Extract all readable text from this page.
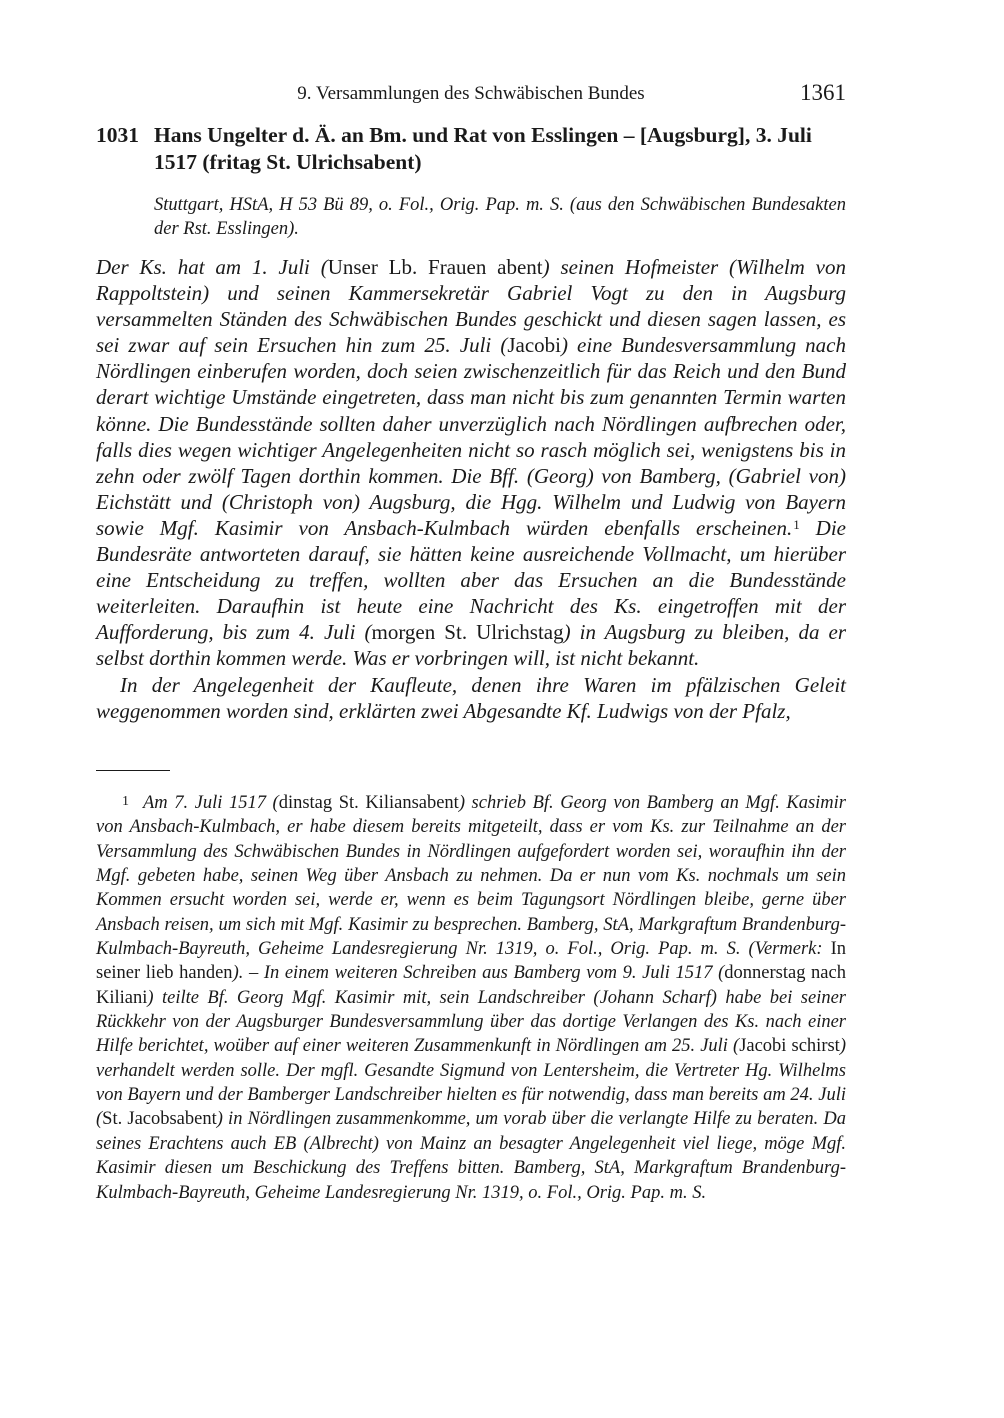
9. Versammlungen des Schwäbischen Bundes	1361
1031 Hans Ungelter d. Ä. an Bm. und Rat von Esslingen – [Augsburg], 3. Juli 1517 (fritag St. Ulrichsabent)
Stuttgart, HStA, H 53 Bü 89, o. Fol., Orig. Pap. m. S. (aus den Schwäbischen Bundesakten der Rst. Esslingen).

Der Ks. hat am 1. Juli (Unser Lb. Frauen abent) seinen Hofmeister (Wilhelm von Rappoltstein) und seinen Kammersekretär Gabriel Vogt zu den in Augsburg versammelten Ständen des Schwäbischen Bundes geschickt und diesen sagen lassen, es sei zwar auf sein Ersuchen hin zum 25. Juli (Jacobi) eine Bundesversammlung nach Nördlingen einberufen worden, doch seien zwischenzeitlich für das Reich und den Bund derart wichtige Umstände eingetreten, dass man nicht bis zum genannten Termin warten könne. Die Bundesstände sollten daher unverzüglich nach Nördlingen aufbrechen oder, falls dies wegen wichtiger Angelegenheiten nicht so rasch möglich sei, wenigstens bis in zehn oder zwölf Tagen dorthin kommen. Die Bff. (Georg) von Bamberg, (Gabriel von) Eichstätt und (Christoph von) Augsburg, die Hgg. Wilhelm und Ludwig von Bayern sowie Mgf. Kasimir von Ansbach-Kulmbach würden ebenfalls erscheinen.$^1$ Die Bundesräte antworteten darauf, sie hätten keine ausreichende Vollmacht, um hierüber eine Entscheidung zu treffen, wollten aber das Ersuchen an die Bundesstände weiterleiten. Daraufhin ist heute eine Nachricht des Ks. eingetroffen mit der Aufforderung, bis zum 4. Juli (morgen St. Ulrichstag) in Augsburg zu bleiben, da er selbst dorthin kommen werde. Was er vorbringen will, ist nicht bekannt.

In der Angelegenheit der Kaufleute, denen ihre Waren im pfälzischen Geleit weggenommen worden sind, erklärten zwei Abgesandte Kf. Ludwigs von der Pfalz,

1 Am 7. Juli 1517 (dinstag St. Kiliansabent) schrieb Bf. Georg von Bamberg an Mgf. Kasimir von Ansbach-Kulmbach, er habe diesem bereits mitgeteilt, dass er vom Ks. zur Teilnahme an der Versammlung des Schwäbischen Bundes in Nördlingen aufgefordert worden sei, woraufhin ihn der Mgf. gebeten habe, seinen Weg über Ansbach zu nehmen. Da er nun vom Ks. nochmals um sein Kommen ersucht worden sei, werde er, wenn es beim Tagungsort Nördlingen bleibe, gerne über Ansbach reisen, um sich mit Mgf. Kasimir zu besprechen. Bamberg, StA, Markgraftum Brandenburg-Kulmbach-Bayreuth, Geheime Landesregierung Nr. 1319, o. Fol., Orig. Pap. m. S. (Vermerk: In seiner lieb handen). – In einem weiteren Schreiben aus Bamberg vom 9. Juli 1517 (donnerstag nach Kiliani) teilte Bf. Georg Mgf. Kasimir mit, sein Landschreiber (Johann Scharf) habe bei seiner Rückkehr von der Augsburger Bundesversammlung über das dortige Verlangen des Ks. nach einer Hilfe berichtet, woüber auf einer weiteren Zusammenkunft in Nördlingen am 25. Juli (Jacobi schirst) verhandelt werden solle. Der mgfl. Gesandte Sigmund von Lentersheim, die Vertreter Hg. Wilhelms von Bayern und der Bamberger Landschreiber hielten es für notwendig, dass man bereits am 24. Juli (St. Jacobsabent) in Nördlingen zusammenkomme, um vorab über die verlangte Hilfe zu beraten. Da seines Erachtens auch EB (Albrecht) von Mainz an besagter Angelegenheit viel liege, möge Mgf. Kasimir diesen um Beschickung des Treffens bitten. Bamberg, StA, Markgraftum Brandenburg-Kulmbach-Bayreuth, Geheime Landesregierung Nr. 1319, o. Fol., Orig. Pap. m. S.
